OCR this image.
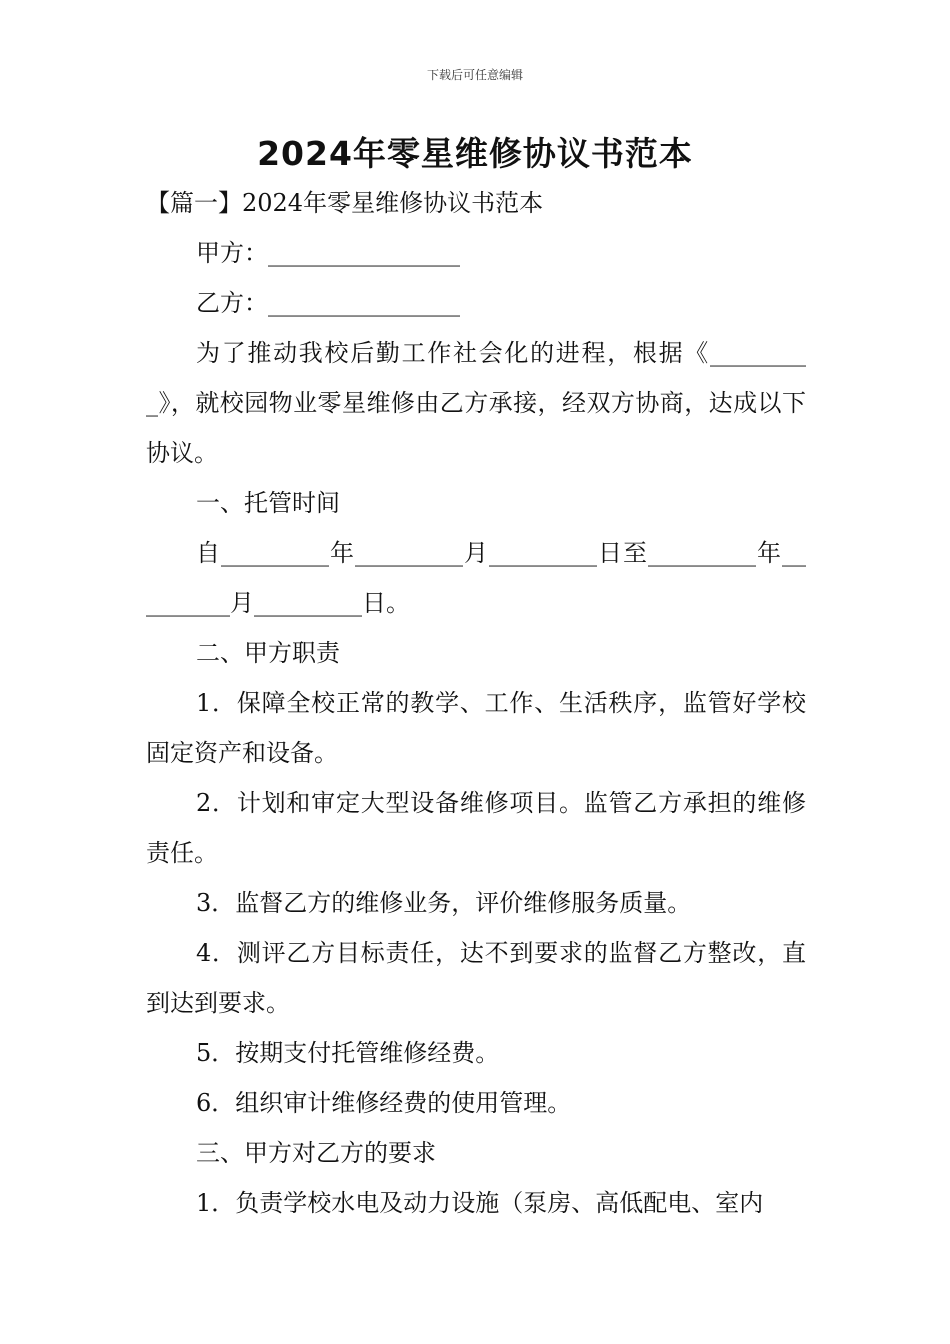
下载后可任意编辑
2024年零星维修协议书范本
【篇一】2024年零星维修协议书范本
甲方：________________
乙方：________________
为了推动我校后勤工作社会化的进程，根据《_________》，就校园物业零星维修由乙方承接，经双方协商，达成以下协议。
一、托管时间
自_________年_________月_________日至_________年_________月_________日。
二、甲方职责
1．保障全校正常的教学、工作、生活秩序，监管好学校固定资产和设备。
2．计划和审定大型设备维修项目。监管乙方承担的维修责任。
3．监督乙方的维修业务，评价维修服务质量。
4．测评乙方目标责任，达不到要求的监督乙方整改，直到达到要求。
5．按期支付托管维修经费。
6．组织审计维修经费的使用管理。
三、甲方对乙方的要求
1．负责学校水电及动力设施（泵房、高低配电、室内
